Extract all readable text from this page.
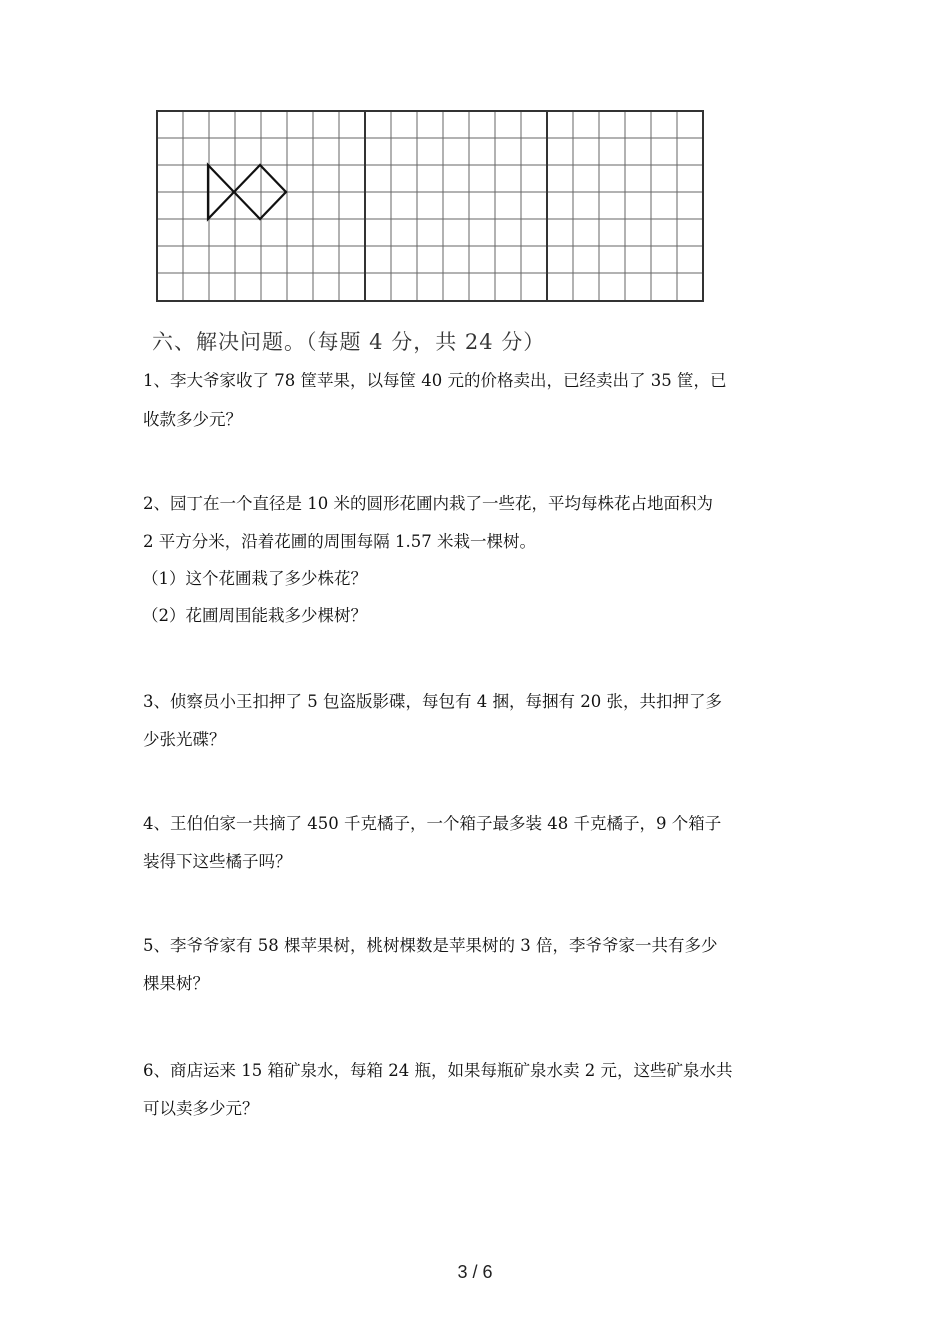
六、解决问题。（每题 4 分，共 24 分）
1、李大爷家收了 78 筐苹果，以每筐 40 元的价格卖出，已经卖出了 35 筐，已
收款多少元？
2、园丁在一个直径是 10 米的圆形花圃内栽了一些花，平均每株花占地面积为
2 平方分米，沿着花圃的周围每隔 1.57 米栽一棵树。
（1）这个花圃栽了多少株花？
（2）花圃周围能栽多少棵树？
3、侦察员小王扣押了 5 包盗版影碟，每包有 4 捆，每捆有 20 张，共扣押了多
少张光碟？
4、王伯伯家一共摘了 450 千克橘子，一个箱子最多装 48 千克橘子，9 个箱子
装得下这些橘子吗？
5、李爷爷家有 58 棵苹果树，桃树棵数是苹果树的 3 倍，李爷爷家一共有多少
棵果树？
6、商店运来 15 箱矿泉水，每箱 24 瓶，如果每瓶矿泉水卖 2 元，这些矿泉水共
可以卖多少元？
3 / 6
